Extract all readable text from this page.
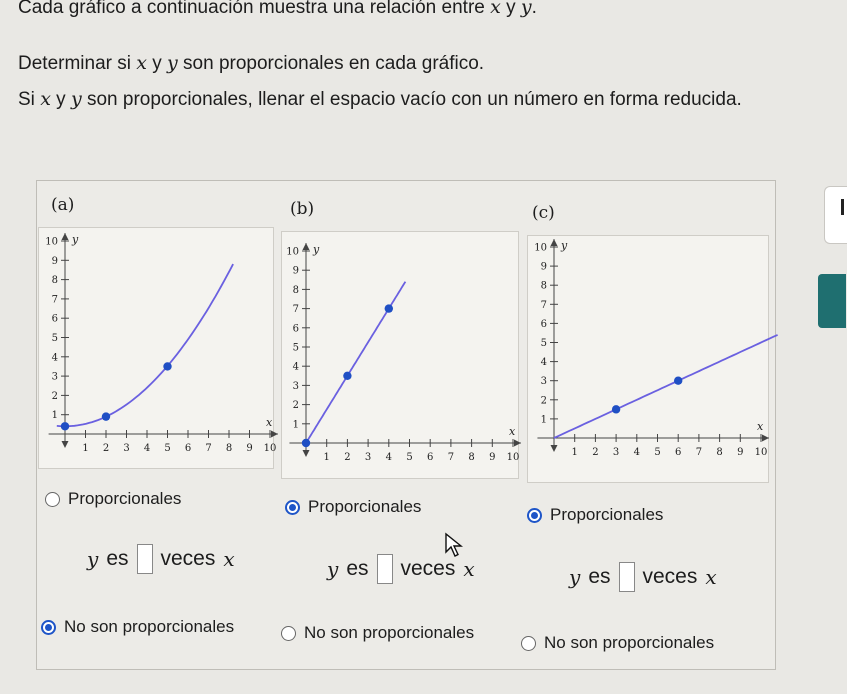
Cada gráfico a continuación muestra una relación entre x y y.
Determinar si x y y son proporcionales en cada gráfico.
Si x y y son proporcionales, llenar el espacio vacío con un número en forma reducida.
(a)	(b)	(c)
1 2 3 4 5 6 7 8 9 10
1
2
3
4
5
6
7
8
9
10
x
y
1 2 3 4 5 6 7 8 9 10
1
2
3
4
5
6
7
8
9
10
x
y
1 2 3 4 5 6 7 8 9 10
1
2
3
4
5
6
7
8
9
10
x
y
Proporcionales	Proporcionales	Proporcionales
y es veces x	y es veces x	y es veces x
No son proporcionales	No son proporcionales
No son proporcionales
